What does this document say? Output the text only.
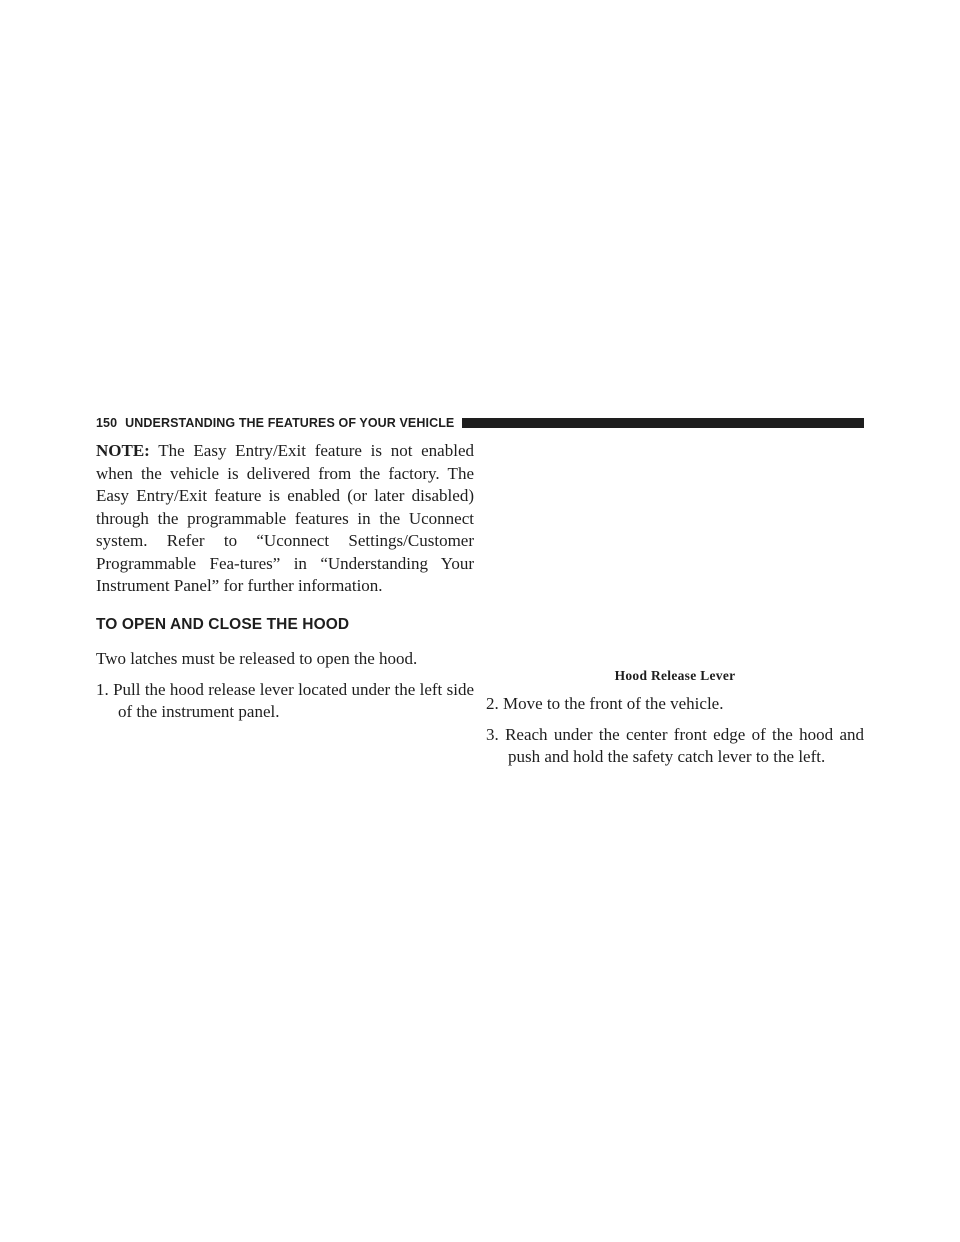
150 UNDERSTANDING THE FEATURES OF YOUR VEHICLE

NOTE: The Easy Entry/Exit feature is not enabled when the vehicle is delivered from the factory. The Easy Entry/Exit feature is enabled (or later disabled) through the programmable features in the Uconnect system. Refer to “Uconnect Settings/Customer Programmable Fea-tures” in “Understanding Your Instrument Panel” for further information.

TO OPEN AND CLOSE THE HOOD

Two latches must be released to open the hood.

1. Pull the hood release lever located under the left side of the instrument panel.

Hood Release Lever

2. Move to the front of the vehicle.

3. Reach under the center front edge of the hood and push and hold the safety catch lever to the left.
